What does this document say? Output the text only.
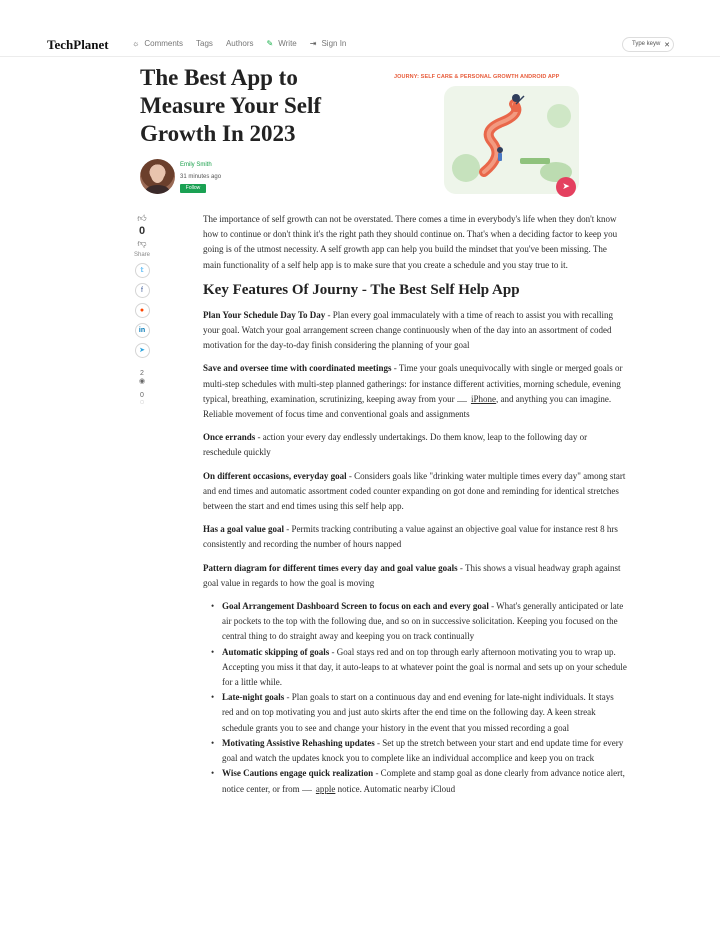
TechPlanet	☼ Comments Tags Authors ✎ Write ⇥ Sign In	Type keyw ✕
The Best App to Measure Your Self Growth In 2023
Emily Smith
31 minutes ago
Follow
JOURNY: SELF CARE & PERSONAL GROWTH ANDROID APP
➤
👍︎
0
👎︎
Share
𝕥
f
●
in
➤
2
◉
0
◌

The importance of self growth can not be overstated. There comes a time in everybody's life when they don't know how to continue or don't think it's the right path they should continue on. That's when a deciding factor to keep you going is of the utmost necessity. A self growth app can help you build the mindset that you've been missing. The main functionality of a self help app is to make sure that you create a schedule and you stay true to it.

Key Features Of Journy - The Best Self Help App

Plan Your Schedule Day To Day - Plan every goal immaculately with a time of reach to assist you with recalling your goal. Watch your goal arrangement screen change continuously when of the day into an assortment of coded motivation for the day-to-day finish considering the planning of your goal

Save and oversee time with coordinated meetings - Time your goals unequivocally with single or merged goals or multi-step schedules with multi-step planned gatherings: for instance different activities, morning schedule, evening typical, breathing, examination, scrutinizing, keeping away from your iPhone, and anything you can imagine. Reliable movement of focus time and conventional goals and assignments

Once errands - action your every day endlessly undertakings. Do them know, leap to the following day or reschedule quickly

On different occasions, everyday goal - Considers goals like "drinking water multiple times every day" among start and end times and automatic assortment coded counter expanding on got done and reminding for identical stretches between the start and end times using this self help app.

Has a goal value goal - Permits tracking contributing a value against an objective goal value for instance rest 8 hrs consistently and recording the number of hours napped

Pattern diagram for different times every day and goal value goals - This shows a visual headway graph against goal value in regards to how the goal is moving

• Goal Arrangement Dashboard Screen to focus on each and every goal - What's generally anticipated or late air pockets to the top with the following due, and so on in successive solicitation. Keeping you focused on the central thing to do straight away and keeping you on track continually
• Automatic skipping of goals - Goal stays red and on top through early afternoon motivating you to wrap up. Accepting you miss it that day, it auto-leaps to at whatever point the goal is normal and sets up on your schedule for a little while.
• Late-night goals - Plan goals to start on a continuous day and end evening for late-night individuals. It stays red and on top motivating you and just auto skirts after the end time on the following day. A keen streak schedule grants you to see and change your history in the event that you missed recording a goal
• Motivating Assistive Rehashing updates - Set up the stretch between your start and end update time for every goal and watch the updates knock you to complete like an individual accomplice and keep you on track
• Wise Cautions engage quick realization - Complete and stamp goal as done clearly from advance notice alert, notice center, or from apple notice. Automatic nearby iCloud
